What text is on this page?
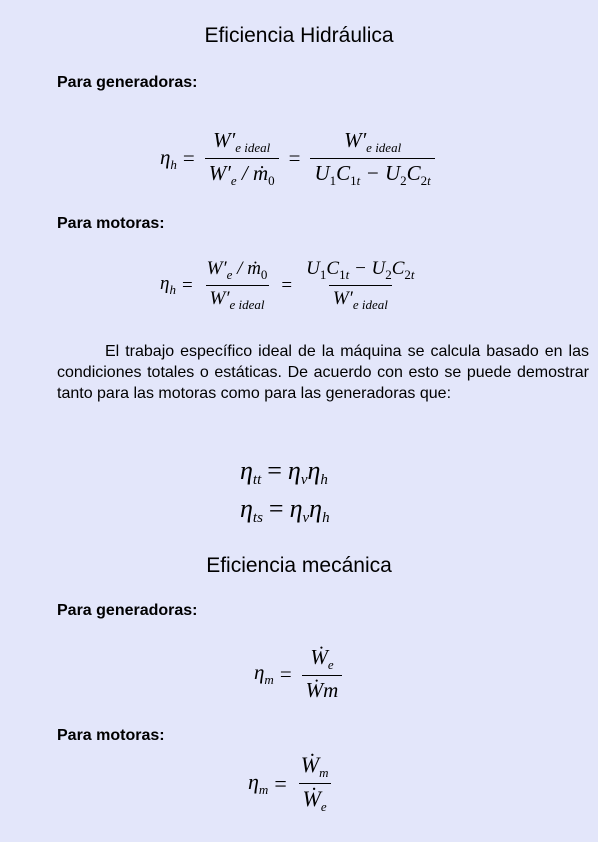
Eficiencia Hidráulica

Para generadoras:

$\eta_h = \frac{W'_{e ideal}}{W'_e / ṁ_0} = \frac{W'_{e ideal}}{U_1C_{1t} - U_2C_{2t}}$

Para motoras:

$\eta_h = \frac{W'_e / ṁ_0}{W'_{e ideal}} = \frac{U_1C_{1t} - U_2C_{2t}}{W'_{e ideal}}$

El trabajo específico ideal de la máquina se calcula basado en las condiciones totales o estáticas. De acuerdo con esto se puede demostrar tanto para las motoras como para las generadoras que:

$\eta_{tt} = \eta_v\eta_h$
$\eta_{ts} = \eta_v\eta_h$
Eficiencia mecánica

Para generadoras:

$\eta_m = \frac{Ẇ_e}{\text{Ẇm}}$

Para motoras:

$\eta_m = \frac{Ẇ_m}{Ẇ_e}$
